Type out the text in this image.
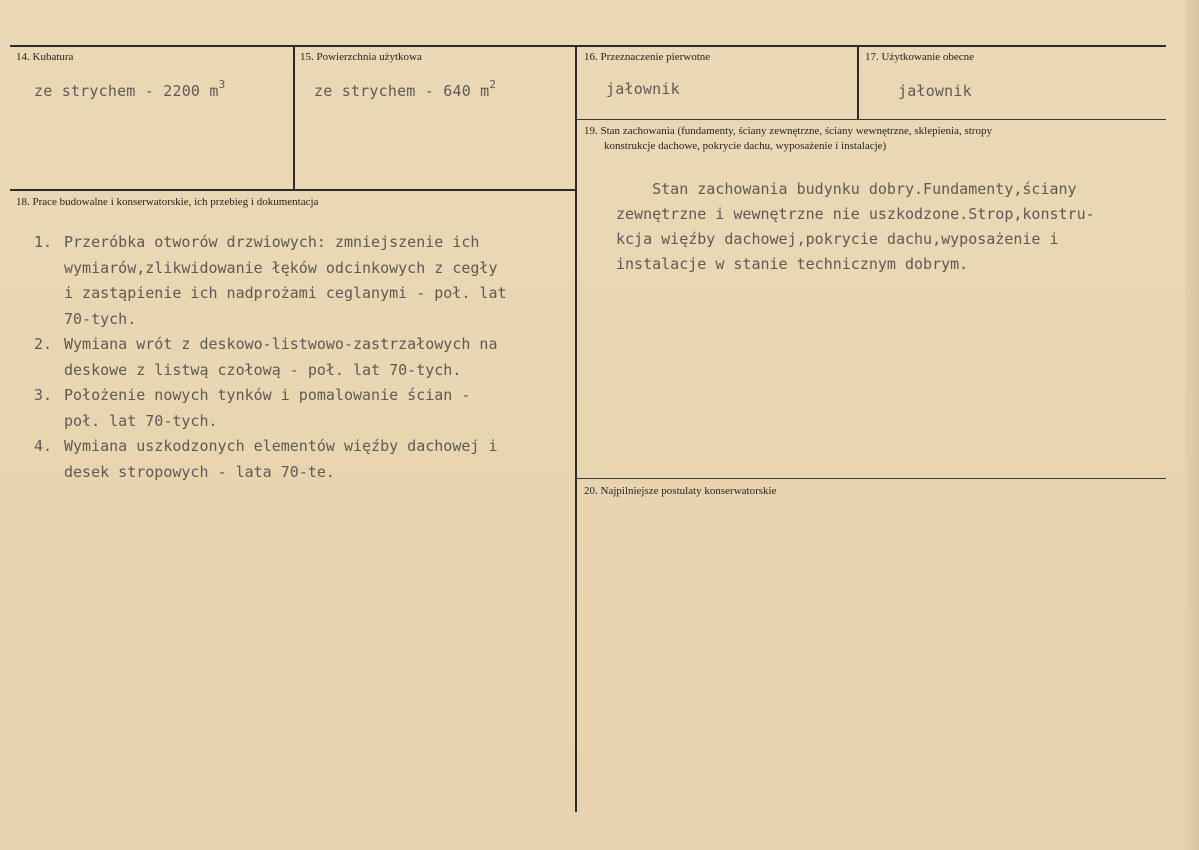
14. Kubatura
ze strychem - 2200 $m^3$
15. Powierzchnia użytkowa
ze strychem - 640 $m^2$
16. Przeznaczenie pierwotne
jałownik
17. Użytkowanie obecne
jałownik
19. Stan zachowania (fundamenty, ściany zewnętrzne, ściany wewnętrzne, sklepienia, stropy
konstrukcje dachowe, pokrycie dachu, wyposażenie i instalacje)
Stan zachowania budynku dobry.Fundamenty,ściany
zewnętrzne i wewnętrzne nie uszkodzone.Strop,konstru-
kcja więźby dachowej,pokrycie dachu,wyposażenie i
instalacje w stanie technicznym dobrym.
18. Prace budowalne i konserwatorskie, ich przebieg i dokumentacja
1. Przeróbka otworów drzwiowych: zmniejszenie ich
wymiarów,zlikwidowanie łęków odcinkowych z cegły
i zastąpienie ich nadprożami ceglanymi - poł. lat
70-tych.
2. Wymiana wrót z deskowo-listwowo-zastrzałowych na
deskowe z listwą czołową - poł. lat 70-tych.
3. Położenie nowych tynków i pomalowanie ścian -
poł. lat 70-tych.
4. Wymiana uszkodzonych elementów więźby dachowej i
desek stropowych - lata 70-te.
20. Najpilniejsze postulaty konserwatorskie
